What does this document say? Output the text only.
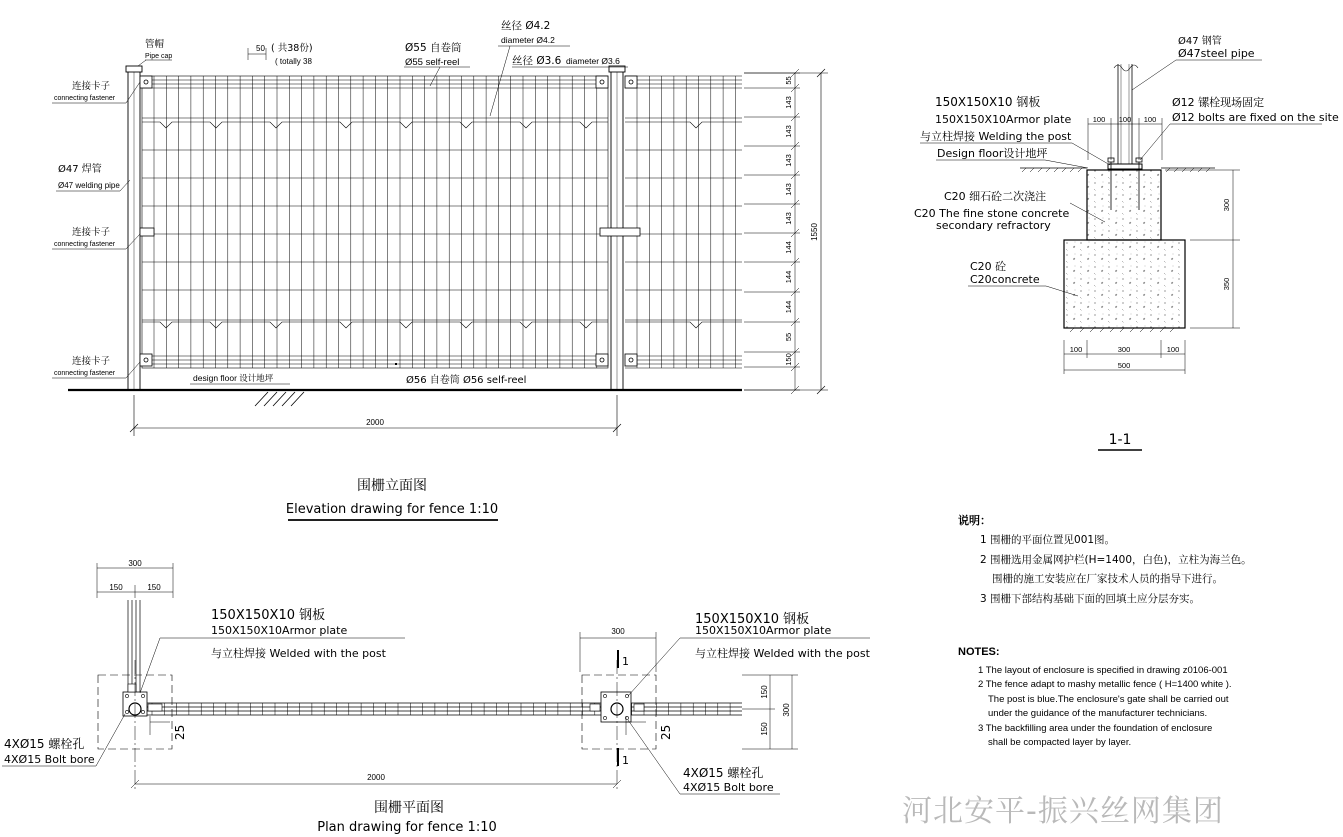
2000
55
143
143
143
143
143
144
144
144
55
150
1550
管帽
Pipe cap
连接卡子
connecting fastener
Ø47 焊管
Ø47 welding pipe
连接卡子
connecting fastener
连接卡子
connecting fastener
50 ( 共38份)
( totally 38
Ø55 自卷筒
Ø55 self-reel
丝径 Ø4.2
diameter Ø4.2
丝径 Ø3.6 diameter Ø3.6
design floor 设计地坪	Ø56 自卷筒 Ø56 self-reel
围栅立面图
Elevation drawing for fence 1:10
100 100 100
300
350
100	300	100
500
Ø47 钢管
Ø47steel pipe
150X150X10 钢板
150X150X10Armor plate
与立柱焊接 Welding the post
Design floor设计地坪
Ø12 镙栓现场固定
Ø12 bolts are fixed on the site
C20 细石砼二次浇注
C20 The fine stone concrete
secondary refractory
C20 砼
C20concrete
1-1
25	25
300
150	150
300
1
1
150
150
300
2000
150X150X10 钢板
150X150X10Armor plate
与立柱焊接 Welded with the post
4XØ15 螺栓孔
4XØ15 Bolt bore
150X150X10 钢板
150X150X10Armor plate
与立柱焊接 Welded with the post
4XØ15 螺栓孔
4XØ15 Bolt bore
围栅平面图
Plan drawing for fence 1:10
说明：
1 围栅的平面位置见001图。
2 围栅选用金属网护栏(H=1400，白色)，立柱为海兰色。
围栅的施工安装应在厂家技术人员的指导下进行。
3 围栅下部结构基础下面的回填土应分层夯实。
NOTES:
1 The layout of enclosure is specified in drawing z0106-001
2 The fence adapt to mashy metallic fence ( H=1400 white ).
The post is blue.The enclosure's gate shall be carried out
under the guidance of the manufacturer technicians.
3 The backfilling area under the foundation of enclosure
shall be compacted layer by layer.
河北安平-振兴丝网集团
